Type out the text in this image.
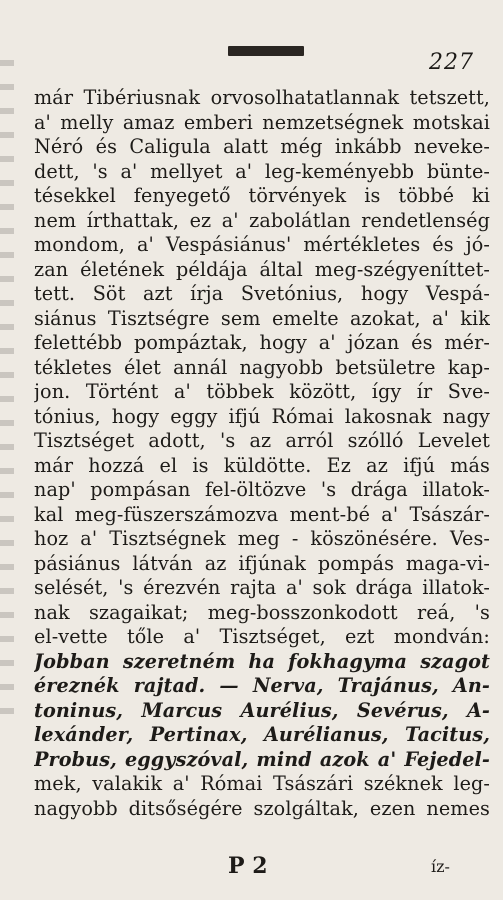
227
már Tibériusnak orvosolhatatlannak tetszett,
a' melly amaz emberi nemzetségnek motskai
Néró és Caligula alatt még inkább neveke-
dett, 's a' mellyet a' leg-keményebb bünte-
tésekkel fenyegető törvények is többé ki
nem írthattak, ez a' zabolátlan rendetlenség
mondom, a' Vespásiánus' mértékletes és jó-
zan életének példája által meg-szégyeníttet-
tett. Söt azt írja Svetónius, hogy Vespá-
siánus Tisztségre sem emelte azokat, a' kik
felettébb pompáztak, hogy a' józan és mér-
tékletes élet annál nagyobb betsületre kap-
jon. Történt a' többek között, így ír Sve-
tónius, hogy eggy ifjú Római lakosnak nagy
Tisztséget adott, 's az arról szólló Levelet
már hozzá el is küldötte. Ez az ifjú más
nap' pompásan fel-öltözve 's drága illatok-
kal meg-füszerszámozva ment-bé a' Tsászár-
hoz a' Tisztségnek meg - köszönésére. Ves-
pásiánus látván az ifjúnak pompás maga-vi-
selését, 's érezvén rajta a' sok drága illatok-
nak szagaikat; meg-bosszonkodott reá, 's
el-vette tőle a' Tisztséget, ezt mondván:
Jobban szeretném ha fokhagyma szagot
éreznék rajtad. — Nerva, Trajánus, An-
toninus, Marcus Aurélius, Sevérus, A-
lexánder, Pertinax, Aurélianus, Tacitus,
Probus, eggyszóval, mind azok a' Fejedel-
mek, valakik a' Római Tsászári széknek leg-
nagyobb ditsőségére szolgáltak, ezen nemes
P 2	íz-
